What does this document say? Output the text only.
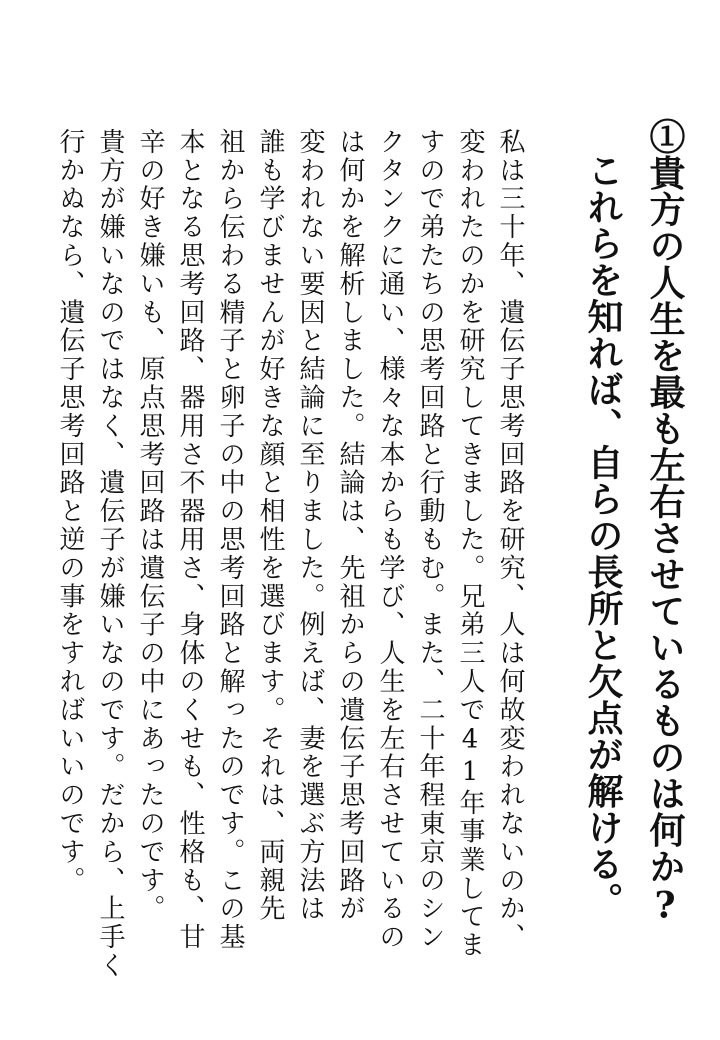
①貴方の人生を最も左右させているものは何か?
これらを知れば、自らの長所と欠点が解ける。
私は三十年、遺伝子思考回路を研究、人は何故変われないのか、
変われたのかを研究してきました。兄弟三人で41年事業してま
すので弟たちの思考回路と行動もむ。また、二十年程東京のシン
クタンクに通い、様々な本からも学び、人生を左右させているの
は何かを解析しました。結論は、先祖からの遺伝子思考回路が
変われない要因と結論に至りました。例えば、妻を選ぶ方法は
誰も学びませんが好きな顔と相性を選びます。それは、両親先
祖から伝わる精子と卵子の中の思考回路と解ったのです。この基
本となる思考回路、器用さ不器用さ、身体のくせも、性格も、甘
辛の好き嫌いも、原点思考回路は遺伝子の中にあったのです。
貴方が嫌いなのではなく、遺伝子が嫌いなのです。だから、上手く
行かぬなら、遺伝子思考回路と逆の事をすればいいのです。
